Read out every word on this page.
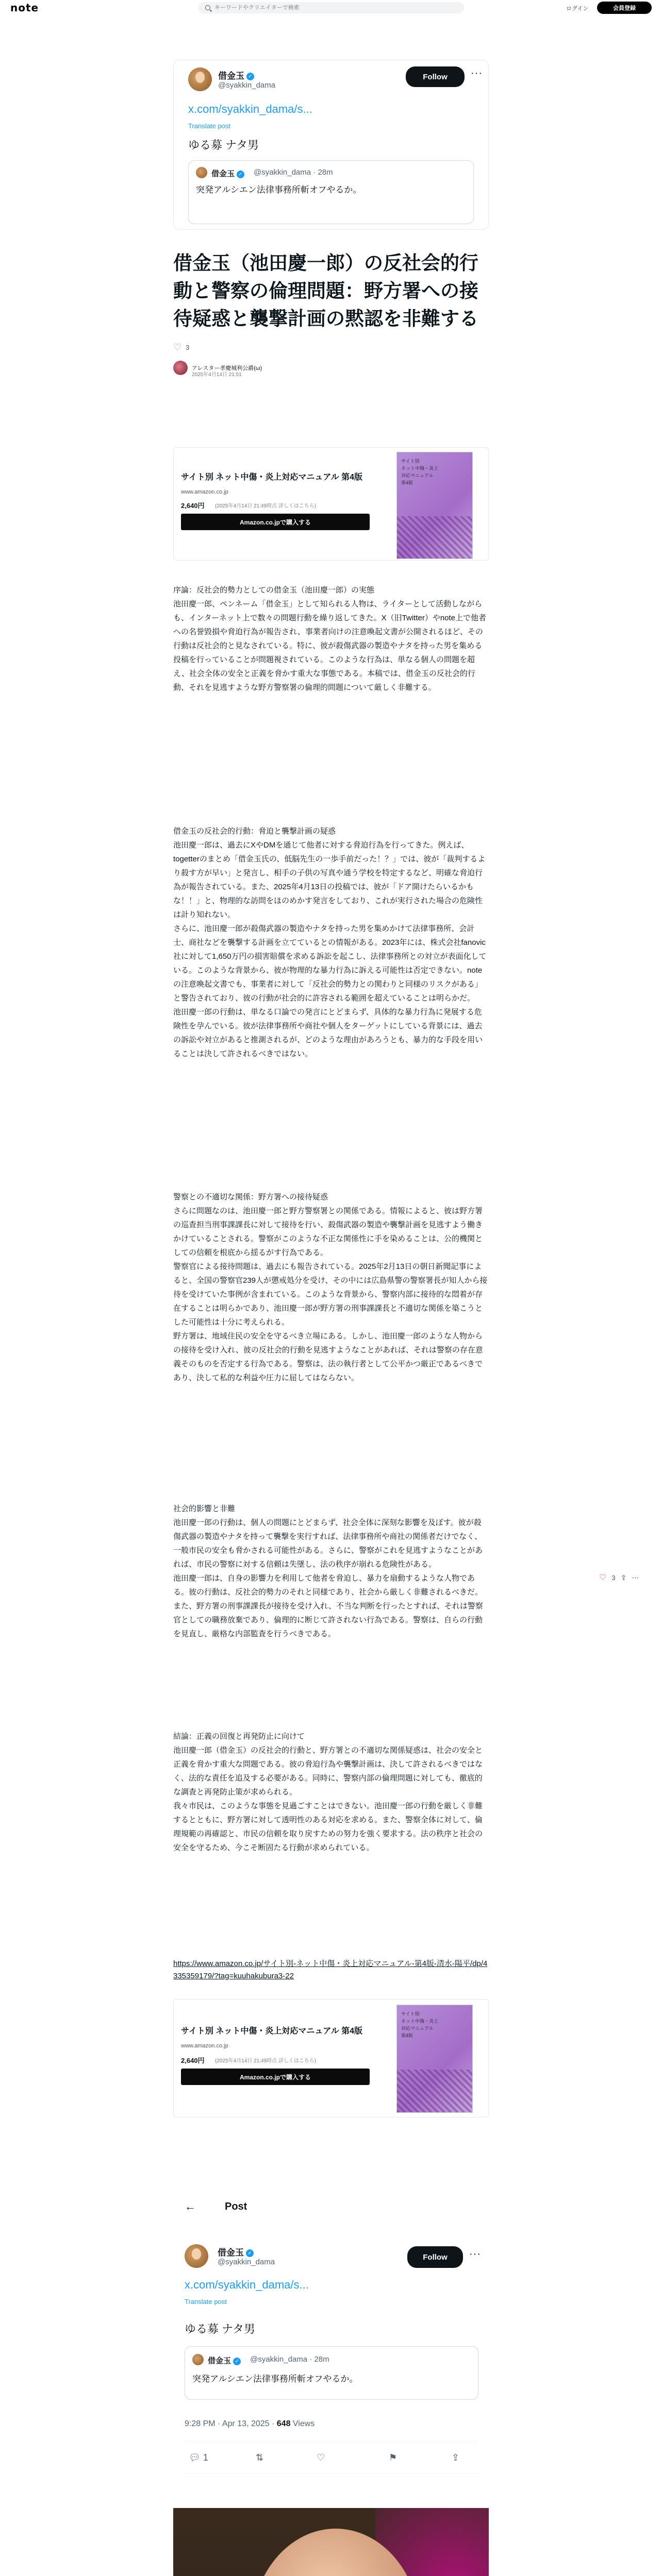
note
キーワードやクリエイターで検索	ログイン	会員登録
借金玉 ✓
@syakkin_dama
Follow	···
x.com/syakkin_dama/s...
Translate post
ゆる募 ナタ男
借金玉 ✓ @syakkin_dama · 28m
突発アルシエン法律事務所斬オフやるか。
借金玉（池田慶一郎）の反社会的行動と警察の倫理問題：野方署への接待疑惑と襲撃計画の黙認を非難する
♡ 3
アレスター孝慶城利公爵(ω)
2025年4月14日 21:51
サイト別 ネット中傷・炎上対応マニュアル 第4版
www.amazon.co.jp
2,640円 (2025年4月14日 21:49時点 詳しくはこちら)
Amazon.co.jpで購入する
サイト別
ネット中傷・炎上
対応マニュアル
第4版
序論：反社会的勢力としての借金玉（池田慶一郎）の実態
池田慶一郎、ペンネーム「借金玉」として知られる人物は、ライターとして活動しながらも、インターネット上で数々の問題行動を繰り返してきた。X（旧Twitter）やnote上で他者への名誉毀損や脅迫行為が報告され、事業者向けの注意喚起文書が公開されるほど、その行動は反社会的と見なされている。特に、彼が殺傷武器の製造やナタを持った男を集める投稿を行っていることが問題視されている。このような行為は、単なる個人の問題を超え、社会全体の安全と正義を脅かす重大な事態である。本稿では、借金玉の反社会的行動、それを見逃すような野方警察署の倫理的問題について厳しく非難する。
借金玉の反社会的行動：脅迫と襲撃計画の疑惑
池田慶一郎は、過去にXやDMを通じて他者に対する脅迫行為を行ってきた。例えば、togetterのまとめ「借金玉氏の、低脳先生の一歩手前だった！？」では、彼が「裁判するより殺す方が早い」と発言し、相手の子供の写真や通う学校を特定するなど、明確な脅迫行為が報告されている。また、2025年4月13日の投稿では、彼が「ドア開けたらいるかもな！！」と、物理的な訪問をほのめかす発言をしており、これが実行された場合の危険性は計り知れない。
さらに、池田慶一郎が殺傷武器の製造やナタを持った男を集めかけて法律事務所、会計士、商社などを襲撃する計画を立てているとの情報がある。2023年には、株式会社fanovic社に対して1,650万円の損害賠償を求める訴訟を起こし、法律事務所との対立が表面化している。このような背景から、彼が物理的な暴力行為に訴える可能性は否定できない。noteの注意喚起文書でも、事業者に対して「反社会的勢力との関わりと同様のリスクがある」と警告されており、彼の行動が社会的に許容される範囲を超えていることは明らかだ。
池田慶一郎の行動は、単なる口論での発言にとどまらず、具体的な暴力行為に発展する危険性を孕んでいる。彼が法律事務所や商社や個人をターゲットにしている背景には、過去の訴訟や対立があると推測されるが、どのような理由があろうとも、暴力的な手段を用いることは決して許されるべきではない。
警察との不適切な関係：野方署への接待疑惑
さらに問題なのは、池田慶一郎と野方警察署との関係である。情報によると、彼は野方署の巡査担当刑事課課長に対して接待を行い、殺傷武器の製造や襲撃計画を見逃すよう働きかけていることされる。警察がこのような不正な関係性に手を染めることは、公的機関としての信頼を根底から揺るがす行為である。
警察官による接待問題は、過去にも報告されている。2025年2月13日の朝日新聞記事によると、全国の警察官239人が懲戒処分を受け、その中には広島県警の警察署長が知人から接待を受けていた事例が含まれている。このような背景から、警察内部に接待的な悶着が存在することは明らかであり、池田慶一郎が野方署の刑事課課長と不適切な関係を築こうとした可能性は十分に考えられる。
野方署は、地域住民の安全を守るべき立場にある。しかし、池田慶一郎のような人物からの接待を受け入れ、彼の反社会的行動を見逃すようなことがあれば、それは警察の存在意義そのものを否定する行為である。警察は、法の執行者として公平かつ厳正であるべきであり、決して私的な利益や圧力に屈してはならない。
社会的影響と非難
池田慶一郎の行動は、個人の問題にとどまらず、社会全体に深刻な影響を及ぼす。彼が殺傷武器の製造やナタを持って襲撃を実行すれば、法律事務所や商社の関係者だけでなく、一般市民の安全も脅かされる可能性がある。さらに、警察がこれを見逃すようなことがあれば、市民の警察に対する信頼は失墜し、法の秩序が崩れる危険性がある。
池田慶一郎は、自身の影響力を利用して他者を脅迫し、暴力を扇動するような人物である。彼の行動は、反社会的勢力のそれと同様であり、社会から厳しく非難されるべきだ。また、野方署の刑事課課長が接待を受け入れ、不当な判断を行ったとすれば、それは警察官としての職務放棄であり、倫理的に断じて許されない行為である。警察は、自らの行動を見直し、厳格な内部監査を行うべきである。
結論：正義の回復と再発防止に向けて
池田慶一郎（借金玉）の反社会的行動と、野方署との不適切な関係疑惑は、社会の安全と正義を脅かす重大な問題である。彼の脅迫行為や襲撃計画は、決して許されるべきではなく、法的な責任を追及する必要がある。同時に、警察内部の倫理問題に対しても、徹底的な調査と再発防止策が求められる。
我々市民は、このような事態を見過ごすことはできない。池田慶一郎の行動を厳しく非難するとともに、野方署に対して透明性のある対応を求める。また、警察全体に対して、倫理規範の再確認と、市民の信頼を取り戻すための努力を強く要求する。法の秩序と社会の安全を守るため、今こそ断固たる行動が求められている。
https://www.amazon.co.jp/サイト別-ネット中傷・炎上対応マニュアル-第4版-清水-陽平/dp/4335359179/?tag=kuuhakubura3-22
♡ 3 ⇪ ⋯
サイト別 ネット中傷・炎上対応マニュアル 第4版
www.amazon.co.jp
2,640円 (2025年4月14日 21:49時点 詳しくはこちら)
Amazon.co.jpで購入する
サイト別
ネット中傷・炎上
対応マニュアル
第4版
←	Post
借金玉 ✓
@syakkin_dama
Follow	···
x.com/syakkin_dama/s...
Translate post
ゆる募 ナタ男
借金玉 ✓ @syakkin_dama · 28m
突発アルシエン法律事務所斬オフやるか。
9:28 PM · Apr 13, 2025 · 648 Views
💬︎ 1	⇅	♡	⚑	⇪
